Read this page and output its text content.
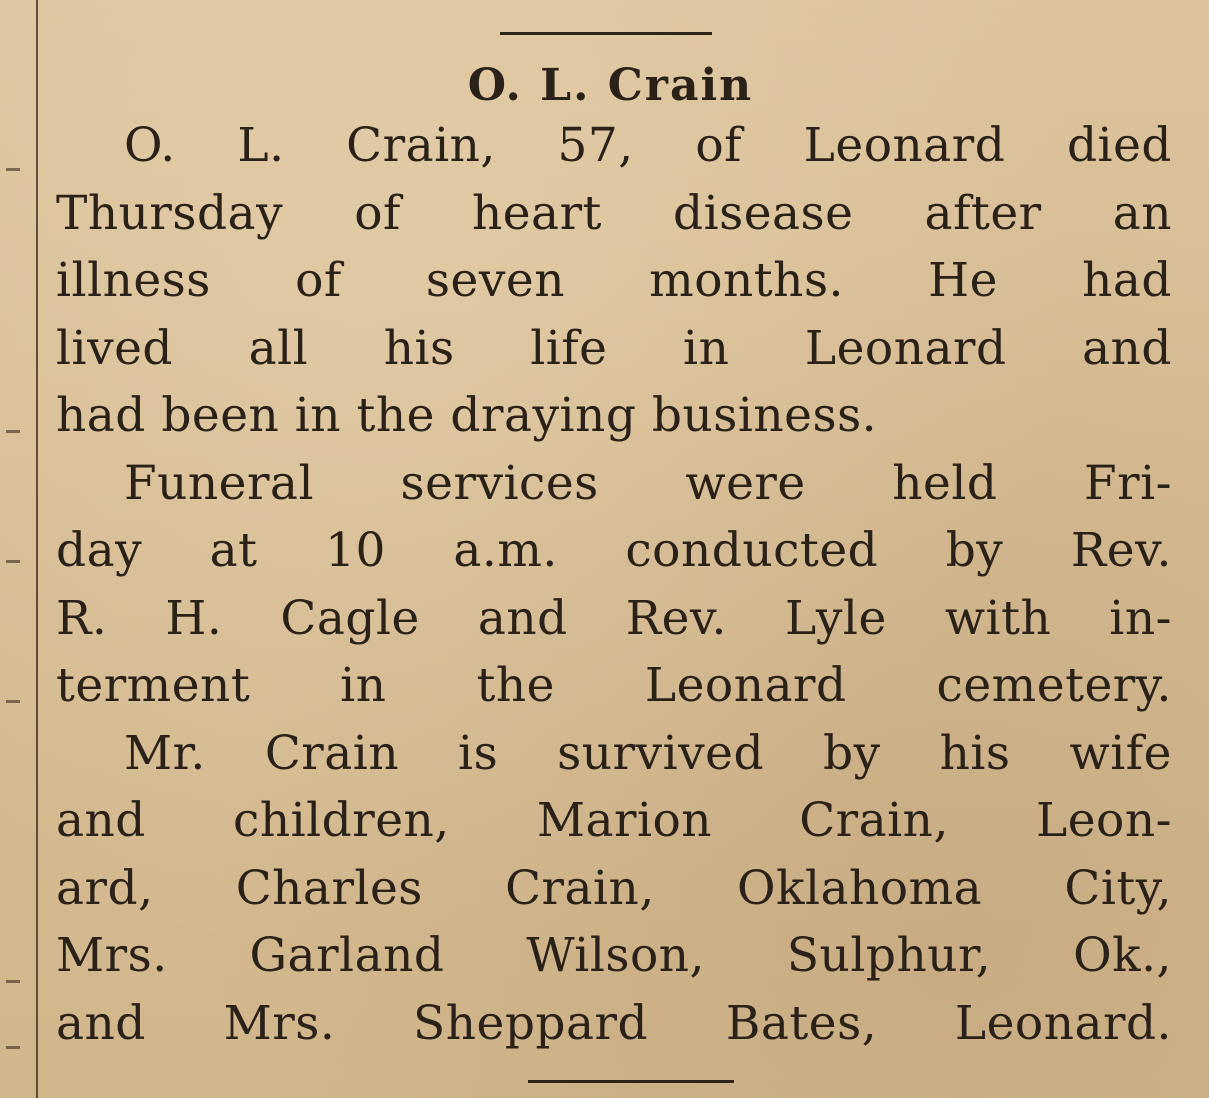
O. L. Crain
O. L. Crain, 57, of Leonard died
Thursday of heart disease after an
illness of seven months. He had
lived all his life in Leonard and
had been in the draying business.
Funeral services were held Fri-
day at 10 a.m. conducted by Rev.
R. H. Cagle and Rev. Lyle with in-
terment in the Leonard cemetery.
Mr. Crain is survived by his wife
and children, Marion Crain, Leon-
ard, Charles Crain, Oklahoma City,
Mrs. Garland Wilson, Sulphur, Ok.,
and Mrs. Sheppard Bates, Leonard.
